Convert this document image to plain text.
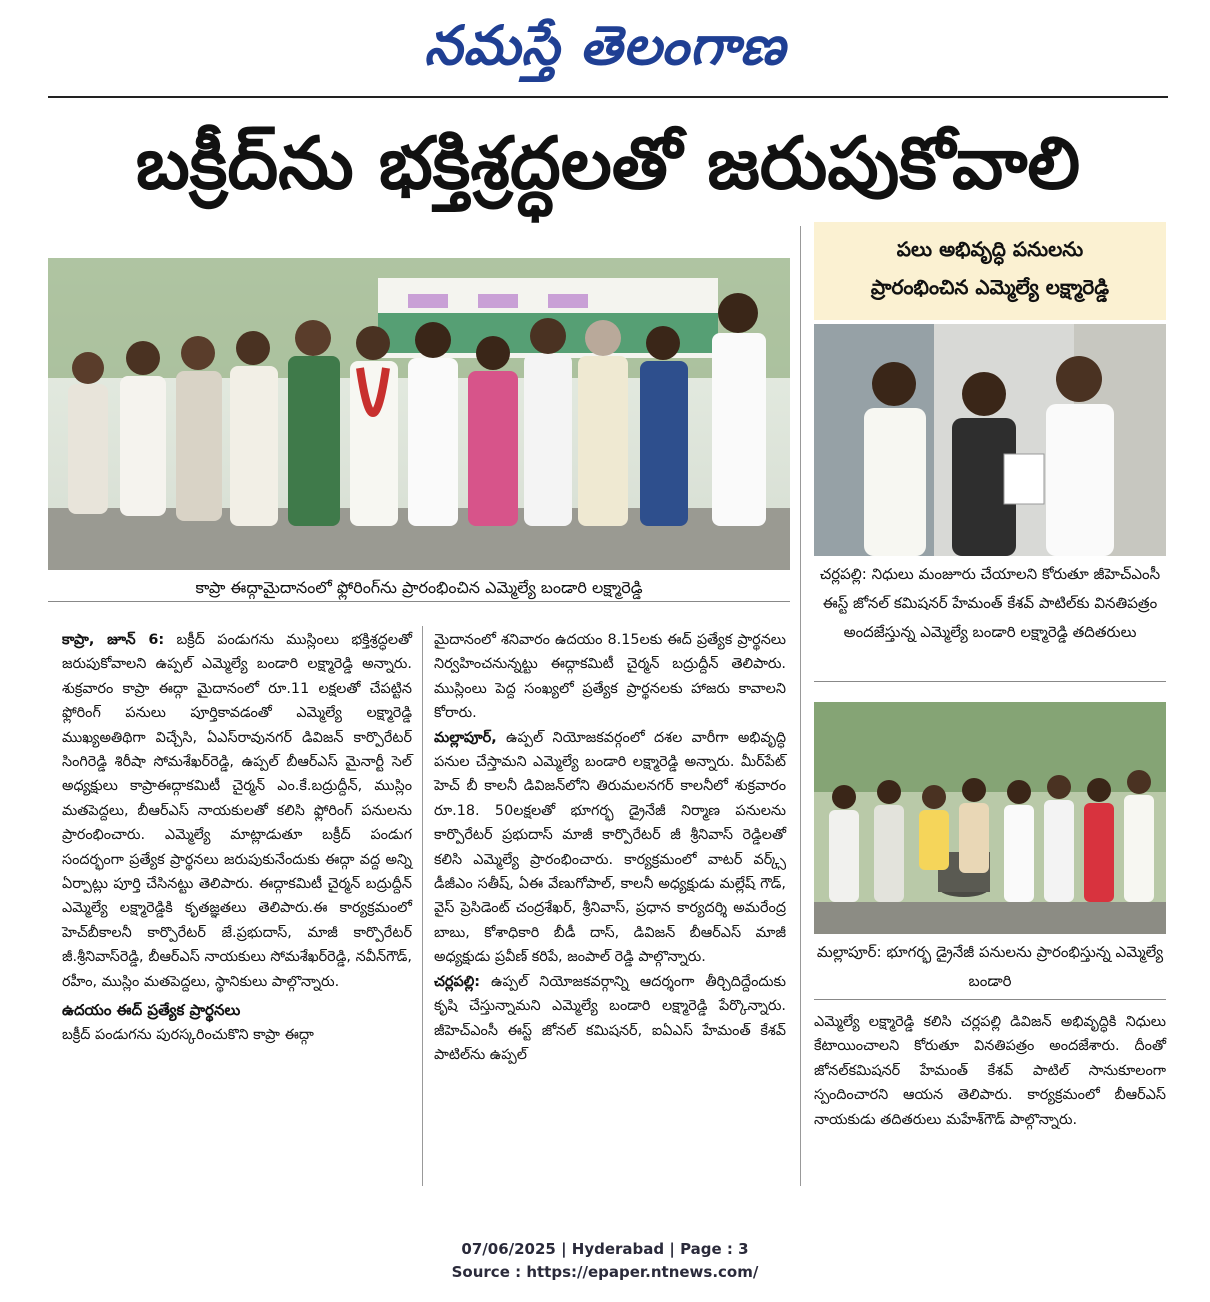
నమస్తే తెలంగాణ
బక్రీద్‌ను భక్తిశ్రద్ధలతో జరుపుకోవాలి
కాప్రా ఈద్గామైదానంలో ఫ్లోరింగ్‌ను ప్రారంభించిన ఎమ్మెల్యే బండారి లక్ష్మారెడ్డి
పలు అభివృద్ధి పనులను
ప్రారంభించిన ఎమ్మెల్యే లక్ష్మారెడ్డి
చర్లపల్లి: నిధులు మంజూరు చేయాలని కోరుతూ జీహెచ్‌ఎంసీ ఈస్ట్ జోనల్ కమిషనర్ హేమంత్ కేశవ్ పాటిల్‌కు వినతిపత్రం అందజేస్తున్న ఎమ్మెల్యే బండారి లక్ష్మారెడ్డి తదితరులు
మల్లాపూర్: భూగర్భ డ్రైనేజీ పనులను ప్రారంభిస్తున్న ఎమ్మెల్యే బండారి

కాప్రా, జూన్ 6: బక్రీద్ పండుగను ముస్లింలు భక్తిశ్రద్ధలతో జరుపుకోవాలని ఉప్పల్ ఎమ్మెల్యే బండారి లక్ష్మారెడ్డి అన్నారు. శుక్రవారం కాప్రా ఈద్గా మైదానంలో రూ.11 లక్షలతో చేపట్టిన ఫ్లోరింగ్ పనులు పూర్తికావడంతో ఎమ్మెల్యే లక్ష్మారెడ్డి ముఖ్యఅతిథిగా విచ్చేసి, ఏఎస్‌రావునగర్ డివిజన్ కార్పొరేటర్ సింగిరెడ్డి శిరీషా సోమశేఖర్‌రెడ్డి, ఉప్పల్ బీఆర్‌ఎస్ మైనార్టీ సెల్ అధ్యక్షులు కాప్రాఈద్గాకమిటీ చైర్మన్ ఎం.కే.బద్రుద్దీన్, ముస్లిం మతపెద్దలు, బీఆర్‌ఎస్ నాయకులతో కలిసి ఫ్లోరింగ్ పనులను ప్రారంభించారు. ఎమ్మెల్యే మాట్లాడుతూ బక్రీద్ పండుగ సందర్భంగా ప్రత్యేక ప్రార్థనలు జరుపుకునేందుకు ఈద్గా వద్ద అన్ని ఏర్పాట్లు పూర్తి చేసినట్టు తెలిపారు. ఈద్గాకమిటీ చైర్మన్ బద్రుద్దీన్ ఎమ్మెల్యే లక్ష్మారెడ్డికి కృతజ్ఞతలు తెలిపారు.ఈ కార్యక్రమంలో హెచ్‌బీకాలనీ కార్పొరేటర్ జే.ప్రభుదాస్, మాజీ కార్పొరేటర్ జీ.శ్రీనివాస్‌రెడ్డి, బీఆర్‌ఎస్ నాయకులు సోమశేఖర్‌రెడ్డి, నవీన్‌గౌడ్, రహీం, ముస్లిం మతపెద్దలు, స్థానికులు పాల్గొన్నారు.

ఉదయం ఈద్ ప్రత్యేక ప్రార్థనలు

బక్రీద్ పండుగను పురస్కరించుకొని కాప్రా ఈద్గా

మైదానంలో శనివారం ఉదయం 8.15లకు ఈద్ ప్రత్యేక ప్రార్థనలు నిర్వహించనున్నట్టు ఈద్గాకమిటీ చైర్మన్ బద్రుద్దీన్ తెలిపారు. ముస్లింలు పెద్ద సంఖ్యలో ప్రత్యేక ప్రార్థనలకు హాజరు కావాలని కోరారు.

మల్లాపూర్, ఉప్పల్ నియోజకవర్గంలో దశల వారీగా అభివృద్ధి పనుల చేస్తామని ఎమ్మెల్యే బండారి లక్ష్మారెడ్డి అన్నారు. మీర్‌పేట్ హెచ్ బీ కాలనీ డివిజన్‌లోని తిరుమలనగర్ కాలనీలో శుక్రవారం రూ.18. 50లక్షలతో భూగర్భ డ్రైనేజీ నిర్మాణ పనులను కార్పొరేటర్ ప్రభుదాస్ మాజీ కార్పొరేటర్ జీ శ్రీనివాస్ రెడ్డిలతో కలిసి ఎమ్మెల్యే ప్రారంభించారు. కార్యక్రమంలో వాటర్ వర్క్స్ డీజీఎం సతీష్, ఏఈ వేణుగోపాల్, కాలనీ అధ్యక్షుడు మల్లేష్ గౌడ్, వైస్ ప్రెసిడెంట్ చంద్రశేఖర్, శ్రీనివాస్, ప్రధాన కార్యదర్శి అమరేంద్ర బాబు, కోశాధికారి బీడీ దాస్, డివిజన్ బీఆర్‌ఎస్ మాజీ అధ్యక్షుడు ప్రవీణ్ కరిపే, జంపాల్ రెడ్డి పాల్గొన్నారు.

చర్లపల్లి: ఉప్పల్ నియోజకవర్గాన్ని ఆదర్శంగా తీర్చిదిద్దేందుకు కృషి చేస్తున్నామని ఎమ్మెల్యే బండారి లక్ష్మారెడ్డి పేర్కొన్నారు. జీహెచ్‌ఎంసీ ఈస్ట్ జోనల్ కమిషనర్, ఐఏఎస్ హేమంత్ కేశవ్ పాటిల్‌ను ఉప్పల్

ఎమ్మెల్యే లక్ష్మారెడ్డి కలిసి చర్లపల్లి డివిజన్ అభివృద్ధికి నిధులు కేటాయించాలని కోరుతూ వినతిపత్రం అందజేశారు. దీంతో జోనల్‌కమిషనర్ హేమంత్ కేశవ్ పాటిల్ సానుకూలంగా స్పందించారని ఆయన తెలిపారు. కార్యక్రమంలో బీఆర్‌ఎస్ నాయకుడు తదితరులు మహేశ్‌గౌడ్ పాల్గొన్నారు.

07/06/2025 | Hyderabad | Page : 3
Source : https://epaper.ntnews.com/
